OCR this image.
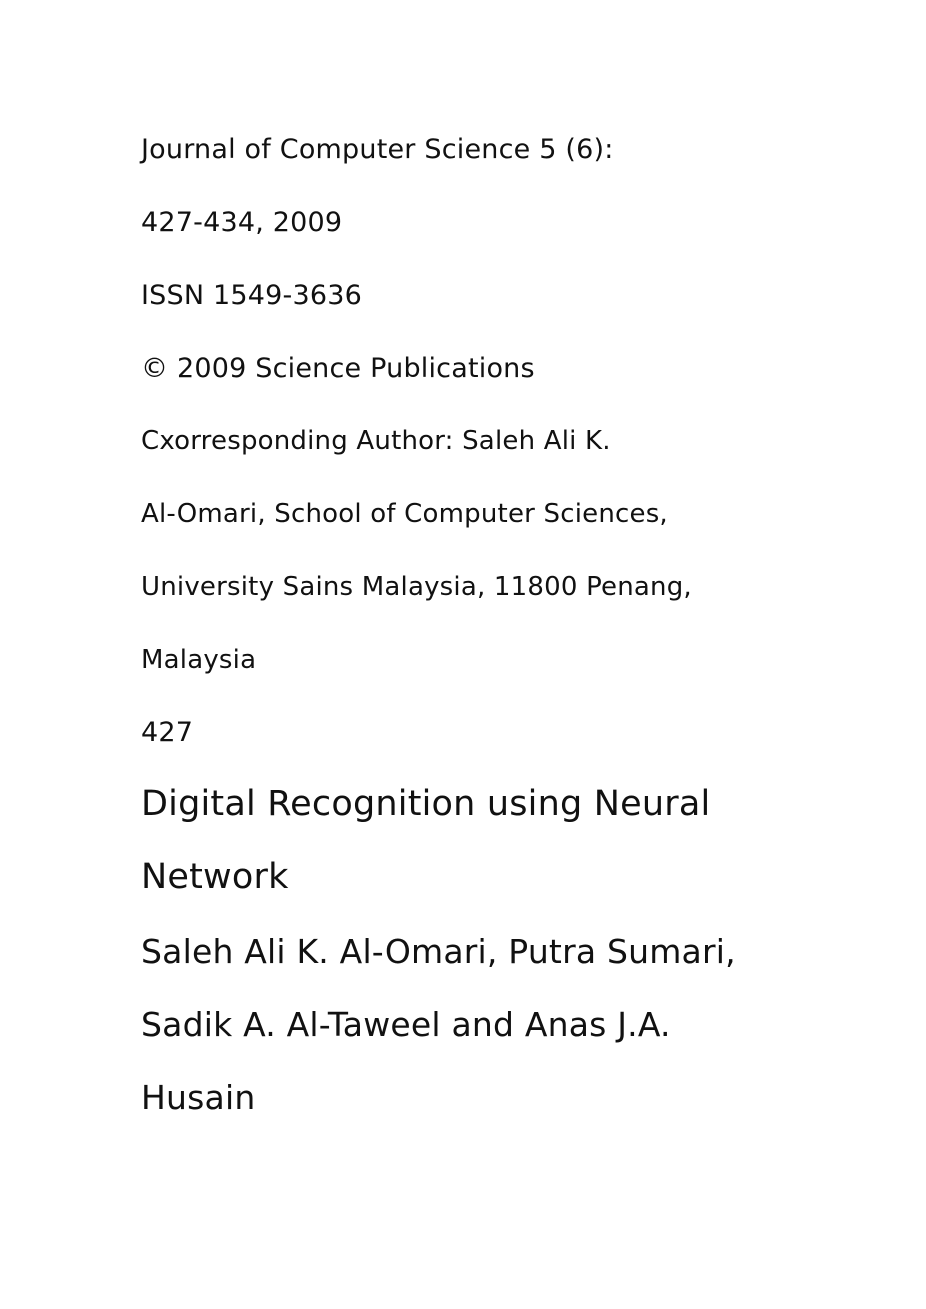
Journal of Computer Science 5 (6):
427-434, 2009
ISSN 1549-3636
© 2009 Science Publications
Cxorresponding Author: Saleh Ali K.
Al-Omari, School of Computer Sciences,
University Sains Malaysia, 11800 Penang,
Malaysia
427
Digital Recognition using Neural
Network
Saleh Ali K. Al-Omari, Putra Sumari,
Sadik A. Al-Taweel and Anas J.A.
Husain
